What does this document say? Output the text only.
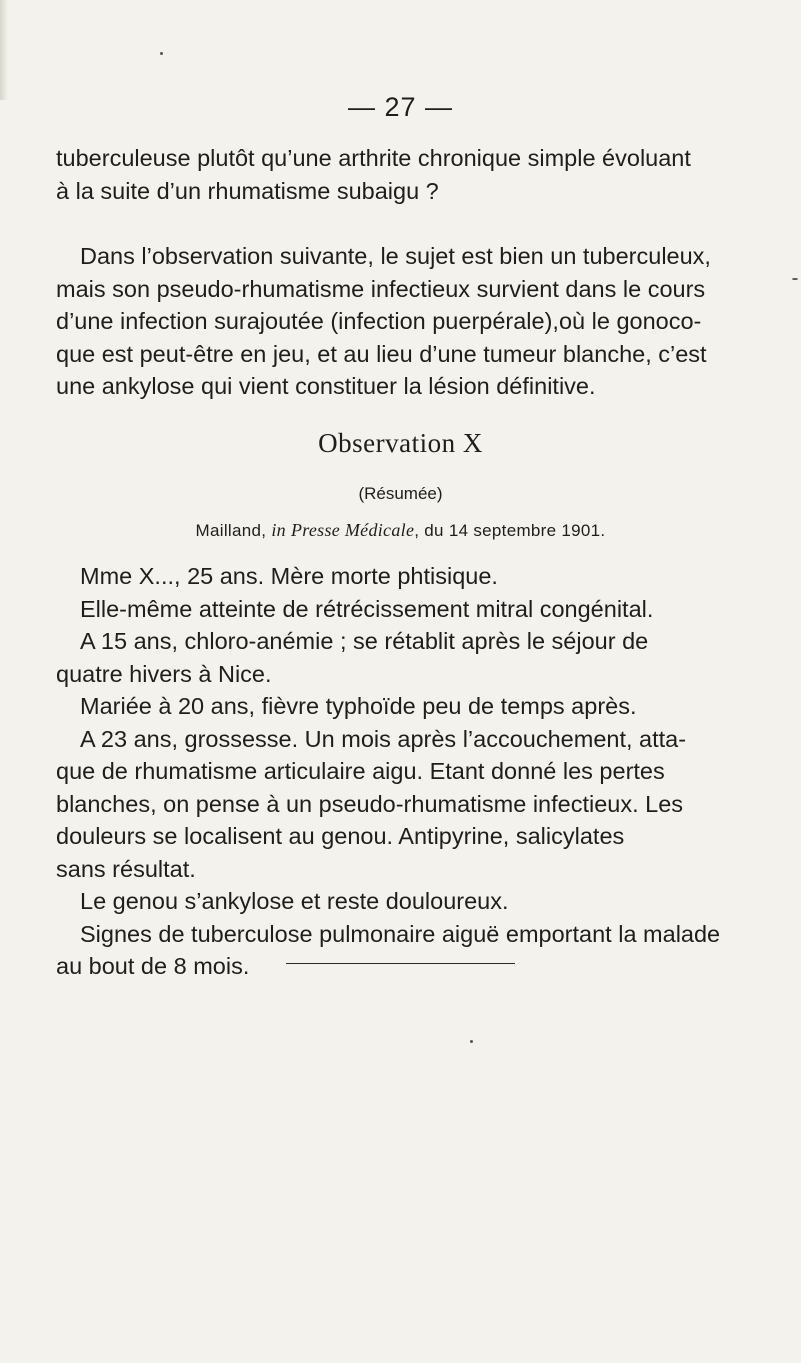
— 27 —
tuberculeuse plutôt qu’une arthrite chronique simple évoluant
à la suite d’un rhumatisme subaigu ?
Dans l’observation suivante, le sujet est bien un tuberculeux,
mais son pseudo-rhumatisme infectieux survient dans le cours
d’une infection surajoutée (infection puerpérale),où le gonoco-
que est peut-être en jeu, et au lieu d’une tumeur blanche, c’est
une ankylose qui vient constituer la lésion définitive.
Observation X
(Résumée)
Mailland, in Presse Médicale, du 14 septembre 1901.
Mme X..., 25 ans. Mère morte phtisique.
Elle-même atteinte de rétrécissement mitral congénital.
A 15 ans, chloro-anémie ; se rétablit après le séjour de
quatre hivers à Nice.
Mariée à 20 ans, fièvre typhoïde peu de temps après.
A 23 ans, grossesse. Un mois après l’accouchement, atta-
que de rhumatisme articulaire aigu. Etant donné les pertes
blanches, on pense à un pseudo-rhumatisme infectieux. Les
douleurs se localisent au genou. Antipyrine, salicylates
sans résultat.
Le genou s’ankylose et reste douloureux.
Signes de tuberculose pulmonaire aiguë emportant la malade
au bout de 8 mois.
